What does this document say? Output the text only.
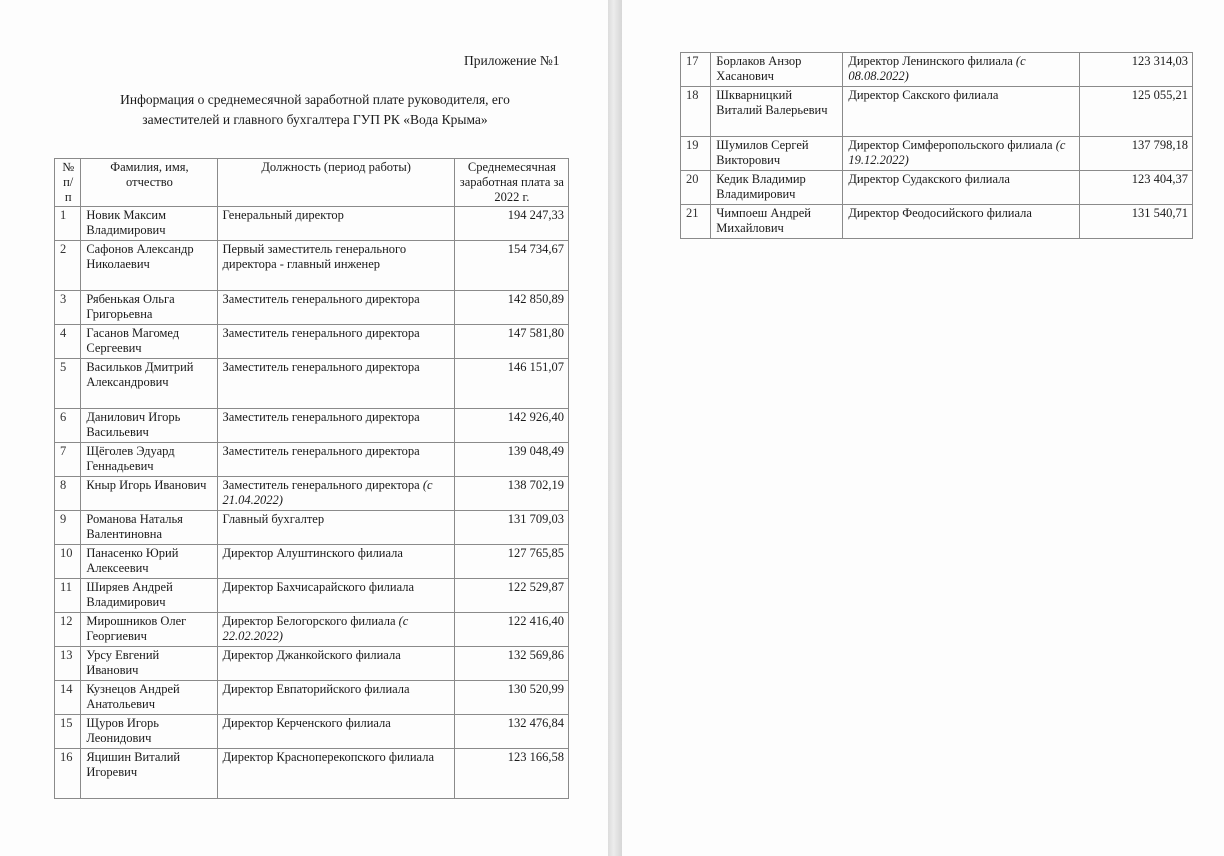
Приложение №1
Информация о среднемесячной заработной плате руководителя, его
заместителей и главного бухгалтера ГУП РК «Вода Крыма»
№ п/п	Фамилия, имя, отчество	Должность (период работы)	Среднемесячная заработная плата за 2022 г.
1	Новик Максим Владимирович	Генеральный директор	194 247,33
2	Сафонов Александр Николаевич	Первый заместитель генерального директора - главный инженер	154 734,67
3	Рябенькая Ольга Григорьевна	Заместитель генерального директора	142 850,89
4	Гасанов Магомед Сергеевич	Заместитель генерального директора	147 581,80
5	Васильков Дмитрий Александрович	Заместитель генерального директора	146 151,07
6	Данилович Игорь Васильевич	Заместитель генерального директора	142 926,40
7	Щёголев Эдуард Геннадьевич	Заместитель генерального директора	139 048,49
8	Кныр Игорь Иванович	Заместитель генерального директора (с 21.04.2022)	138 702,19
9	Романова Наталья Валентиновна	Главный бухгалтер	131 709,03
10	Панасенко Юрий Алексеевич	Директор Алуштинского филиала	127 765,85
11	Ширяев Андрей Владимирович	Директор Бахчисарайского филиала	122 529,87
12	Мирошников Олег Георгиевич	Директор Белогорского филиала (с 22.02.2022)	122 416,40
13	Урсу Евгений Иванович	Директор Джанкойского филиала	132 569,86
14	Кузнецов Андрей Анатольевич	Директор Евпаторийского филиала	130 520,99
15	Щуров Игорь Леонидович	Директор Керченского филиала	132 476,84
16	Яцишин Виталий Игоревич	Директор Красноперекопского филиала	123 166,58
17	Борлаков Анзор Хасанович	Директор Ленинского филиала (с 08.08.2022)	123 314,03
18	Шкварницкий Виталий Валерьевич	Директор Сакского филиала	125 055,21
19	Шумилов Сергей Викторович	Директор Симферопольского филиала (с 19.12.2022)	137 798,18
20	Кедик Владимир Владимирович	Директор Судакского филиала	123 404,37
21	Чимпоеш Андрей Михайлович	Директор Феодосийского филиала	131 540,71
